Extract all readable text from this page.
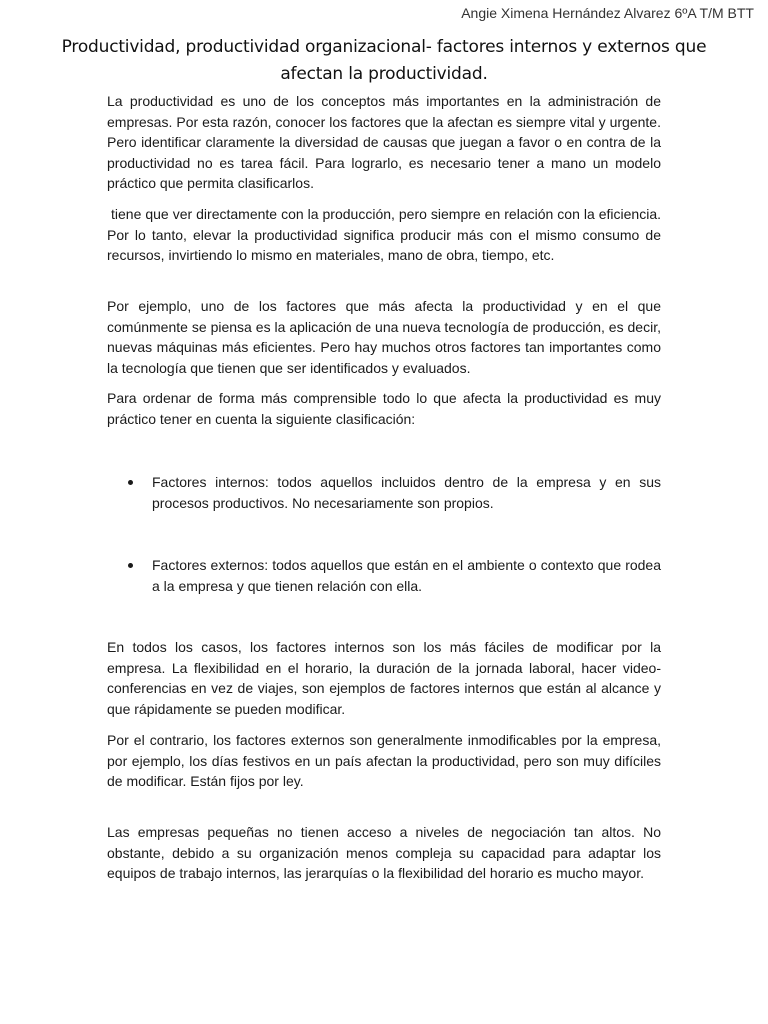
Angie Ximena Hernández Alvarez 6ºA T/M BTT
Productividad, productividad organizacional- factores internos y externos que afectan la productividad.

La productividad es uno de los conceptos más importantes en la administración de empresas. Por esta razón, conocer los factores que la afectan es siempre vital y urgente. Pero identificar claramente la diversidad de causas que juegan a favor o en contra de la productividad no es tarea fácil. Para lograrlo, es necesario tener a mano un modelo práctico que permita clasificarlos.

tiene que ver directamente con la producción, pero siempre en relación con la eficiencia. Por lo tanto, elevar la productividad significa producir más con el mismo consumo de recursos, invirtiendo lo mismo en materiales, mano de obra, tiempo, etc.

Por ejemplo, uno de los factores que más afecta la productividad y en el que comúnmente se piensa es la aplicación de una nueva tecnología de producción, es decir, nuevas máquinas más eficientes. Pero hay muchos otros factores tan importantes como la tecnología que tienen que ser identificados y evaluados.

Para ordenar de forma más comprensible todo lo que afecta la productividad es muy práctico tener en cuenta la siguiente clasificación:

Factores internos: todos aquellos incluidos dentro de la empresa y en sus procesos productivos. No necesariamente son propios.
Factores externos: todos aquellos que están en el ambiente o contexto que rodea a la empresa y que tienen relación con ella.

En todos los casos, los factores internos son los más fáciles de modificar por la empresa. La flexibilidad en el horario, la duración de la jornada laboral, hacer video-conferencias en vez de viajes, son ejemplos de factores internos que están al alcance y que rápidamente se pueden modificar.

Por el contrario, los factores externos son generalmente inmodificables por la empresa, por ejemplo, los días festivos en un país afectan la productividad, pero son muy difíciles de modificar. Están fijos por ley.

Las empresas pequeñas no tienen acceso a niveles de negociación tan altos. No obstante, debido a su organización menos compleja su capacidad para adaptar los equipos de trabajo internos, las jerarquías o la flexibilidad del horario es mucho mayor.
